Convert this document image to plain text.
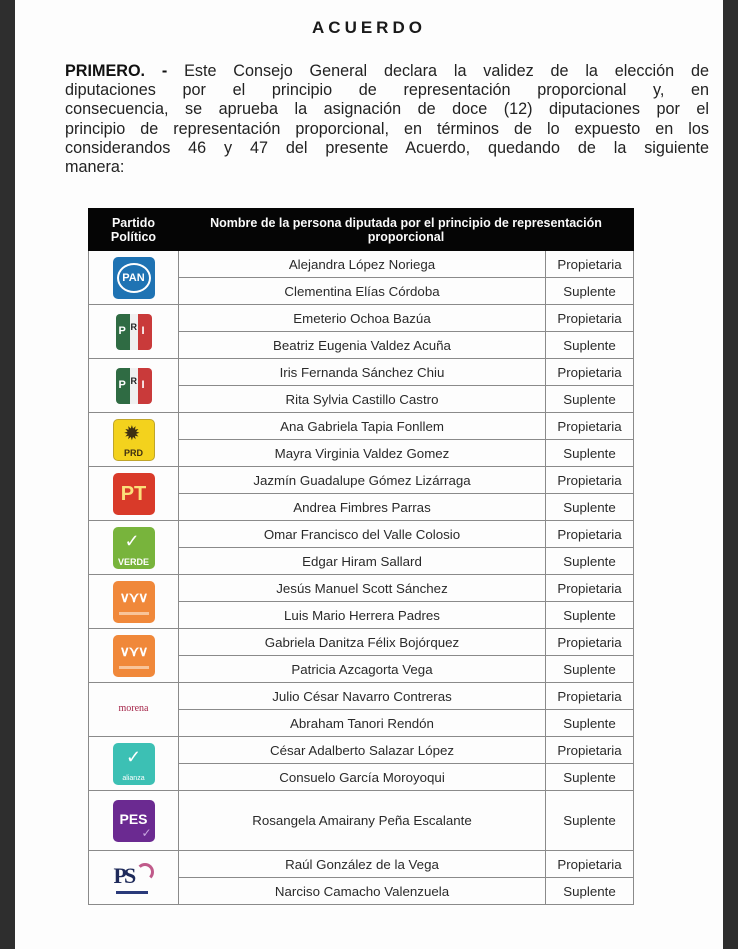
ACUERDO
PRIMERO. - Este Consejo General declara la validez de la elección de
diputaciones por el principio de representación proporcional y, en
consecuencia, se aprueba la asignación de doce (12) diputaciones por el
principio de representación proporcional, en términos de lo expuesto en los
considerandos 46 y 47 del presente Acuerdo, quedando de la siguiente
manera:
Partido Político	Nombre de la persona diputada por el principio de representación proporcional	

PAN	Alejandra López Noriega	Propietaria
	Clementina Elías Córdoba	Suplente

P R I	Emeterio Ochoa Bazúa	Propietaria
	Beatriz Eugenia Valdez Acuña	Suplente

P R I	Iris Fernanda Sánchez Chiu	Propietaria
	Rita Sylvia Castillo Castro	Suplente

✹
PRD	Ana Gabriela Tapia Fonllem	Propietaria
	Mayra Virginia Valdez Gomez	Suplente

PT	Jazmín Guadalupe Gómez Lizárraga	Propietaria
	Andrea Fimbres Parras	Suplente

✓
VERDE	Omar Francisco del Valle Colosio	Propietaria
	Edgar Hiram Sallard	Suplente

∨⋎∨	Jesús Manuel Scott Sánchez	Propietaria
	Luis Mario Herrera Padres	Suplente

∨⋎∨	Gabriela Danitza Félix Bojórquez	Propietaria
	Patricia Azcagorta Vega	Suplente

morena	Julio César Navarro Contreras	Propietaria
	Abraham Tanori Rendón	Suplente

✓
alianza	César Adalberto Salazar López	Propietaria
	Consuelo García Moroyoqui	Suplente

PES
✓	Rosangela Amairany Peña Escalante	Suplente

PS	Raúl González de la Vega	Propietaria
	Narciso Camacho Valenzuela	Suplente
